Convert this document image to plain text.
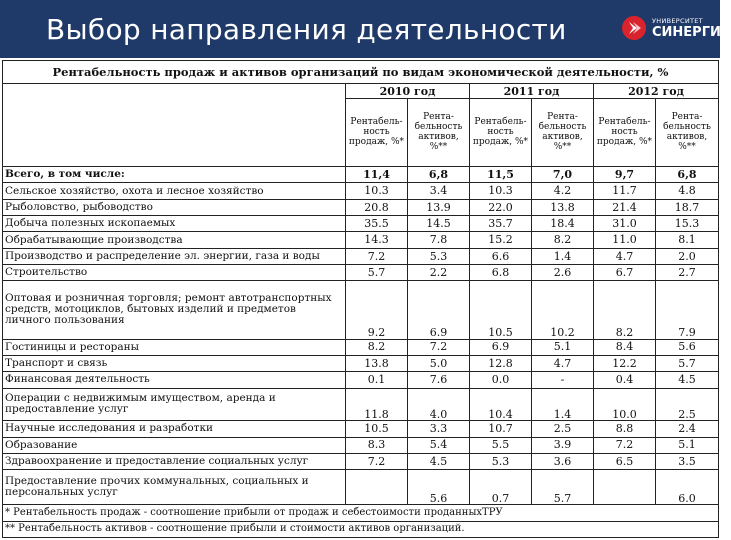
Выбор направления деятельности	УНИВЕРСИТЕТ
СИНЕРГИЯ
Рентабельность продаж и активов организаций по видам экономической деятельности, %						
	2010 год		2011 год		2012 год	
	Рентабель-ность продаж, %*	Рента-бельность активов, %**	Рентабель-ность продаж, %*	Рента-бельность активов, %**	Рентабель-ность продаж, %*	Рента-бельность активов, %**
Всего, в том числе:	11,4	6,8	11,5	7,0	9,7	6,8
Сельское хозяйство, охота и лесное хозяйство	10.3	3.4	10.3	4.2	11.7	4.8
Рыболовство, рыбоводство	20.8	13.9	22.0	13.8	21.4	18.7
Добыча полезных ископаемых	35.5	14.5	35.7	18.4	31.0	15.3
Обрабатывающие производства	14.3	7.8	15.2	8.2	11.0	8.1
Производство и распределение эл. энергии, газа и воды	7.2	5.3	6.6	1.4	4.7	2.0
Строительство	5.7	2.2	6.8	2.6	6.7	2.7
Оптовая и розничная торговля; ремонт автотранспортных средств, мотоциклов, бытовых изделий и предметов личного пользования	9.2	6.9	10.5	10.2	8.2	7.9
Гостиницы и рестораны	8.2	7.2	6.9	5.1	8.4	5.6
Транспорт и связь	13.8	5.0	12.8	4.7	12.2	5.7
Финансовая деятельность	0.1	7.6	0.0	-	0.4	4.5
Операции с недвижимым имуществом, аренда и предоставление услуг	11.8	4.0	10.4	1.4	10.0	2.5
Научные исследования и разработки	10.5	3.3	10.7	2.5	8.8	2.4
Образование	8.3	5.4	5.5	3.9	7.2	5.1
Здравоохранение и предоставление социальных услуг	7.2	4.5	5.3	3.6	6.5	3.5
Предоставление прочих коммунальных, социальных и персональных услуг		5.6	0.7	5.7		6.0
* Рентабельность продаж - соотношение прибыли от продаж и себестоимости проданныхТРУ						
** Рентабельность активов - соотношение прибыли и стоимости активов организаций.						
